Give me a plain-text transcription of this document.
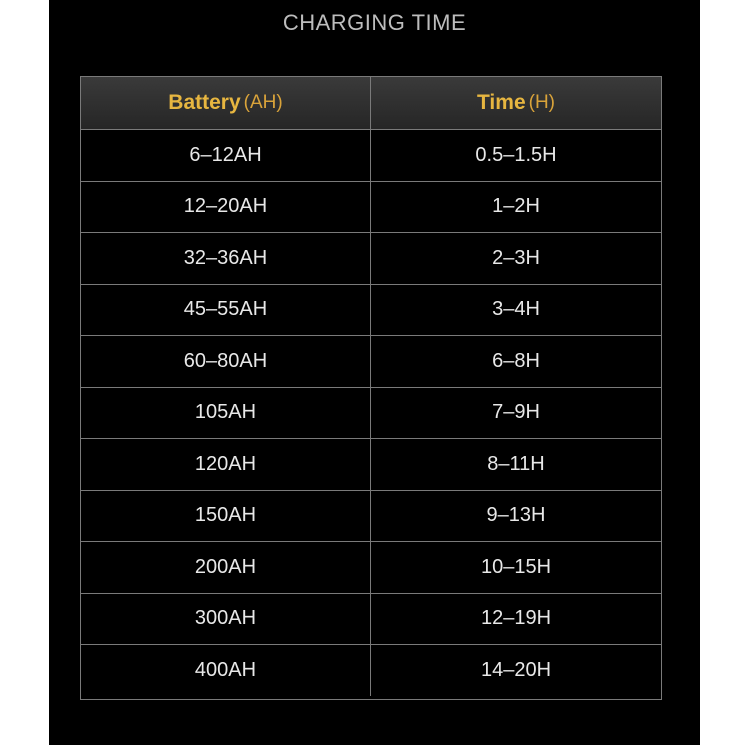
CHARGING TIME
Battery (AH)	Time (H)
6–12AH	0.5–1.5H
12–20AH	1–2H
32–36AH	2–3H
45–55AH	3–4H
60–80AH	6–8H
105AH	7–9H
120AH	8–11H
150AH	9–13H
200AH	10–15H
300AH	12–19H
400AH	14–20H
